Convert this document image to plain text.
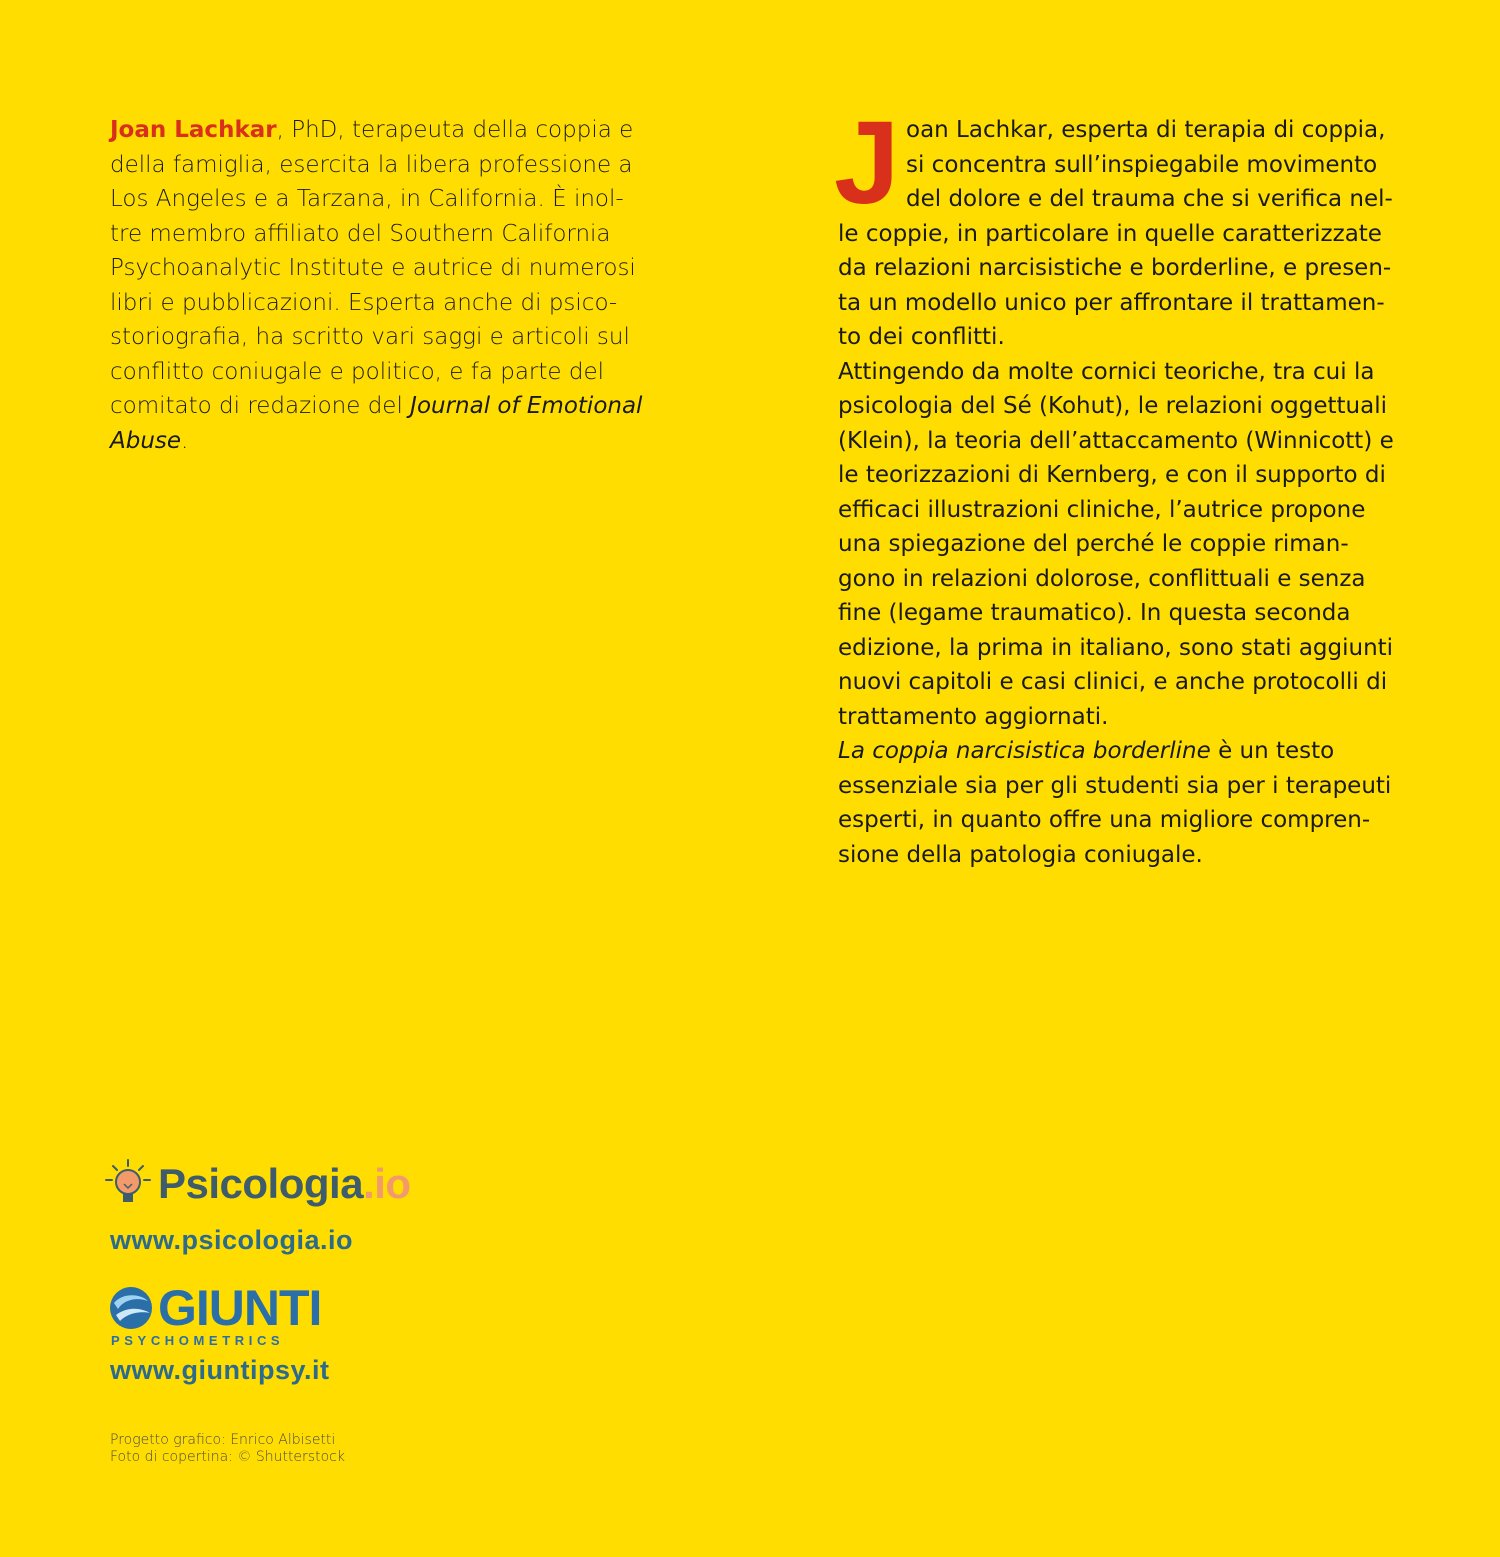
Joan Lachkar, PhD, terapeuta della coppia e
della famiglia, esercita la libera professione a
Los Angeles e a Tarzana, in California. È inol-
tre membro affiliato del Southern California
Psychoanalytic Institute e autrice di numerosi
libri e pubblicazioni. Esperta anche di psico-
storiografia, ha scritto vari saggi e articoli sul
conflitto coniugale e politico, e fa parte del
comitato di redazione del Journal of Emotional
Abuse.
J oan Lachkar, esperta di terapia di coppia,
si concentra sull’inspiegabile movimento
del dolore e del trauma che si verifica nel-
le coppie, in particolare in quelle caratterizzate
da relazioni narcisistiche e borderline, e presen-
ta un modello unico per affrontare il trattamen-
to dei conflitti.
Attingendo da molte cornici teoriche, tra cui la
psicologia del Sé (Kohut), le relazioni oggettuali
(Klein), la teoria dell’attaccamento (Winnicott) e
le teorizzazioni di Kernberg, e con il supporto di
efficaci illustrazioni cliniche, l’autrice propone
una spiegazione del perché le coppie riman-
gono in relazioni dolorose, conflittuali e senza
fine (legame traumatico). In questa seconda
edizione, la prima in italiano, sono stati aggiunti
nuovi capitoli e casi clinici, e anche protocolli di
trattamento aggiornati.
La coppia narcisistica borderline è un testo
essenziale sia per gli studenti sia per i terapeuti
esperti, in quanto offre una migliore compren-
sione della patologia coniugale.
Psicologia.io
www.psicologia.io
GIUNTI
PSYCHOMETRICS
www.giuntipsy.it
Progetto grafico: Enrico Albisetti
Foto di copertina: © Shutterstock
